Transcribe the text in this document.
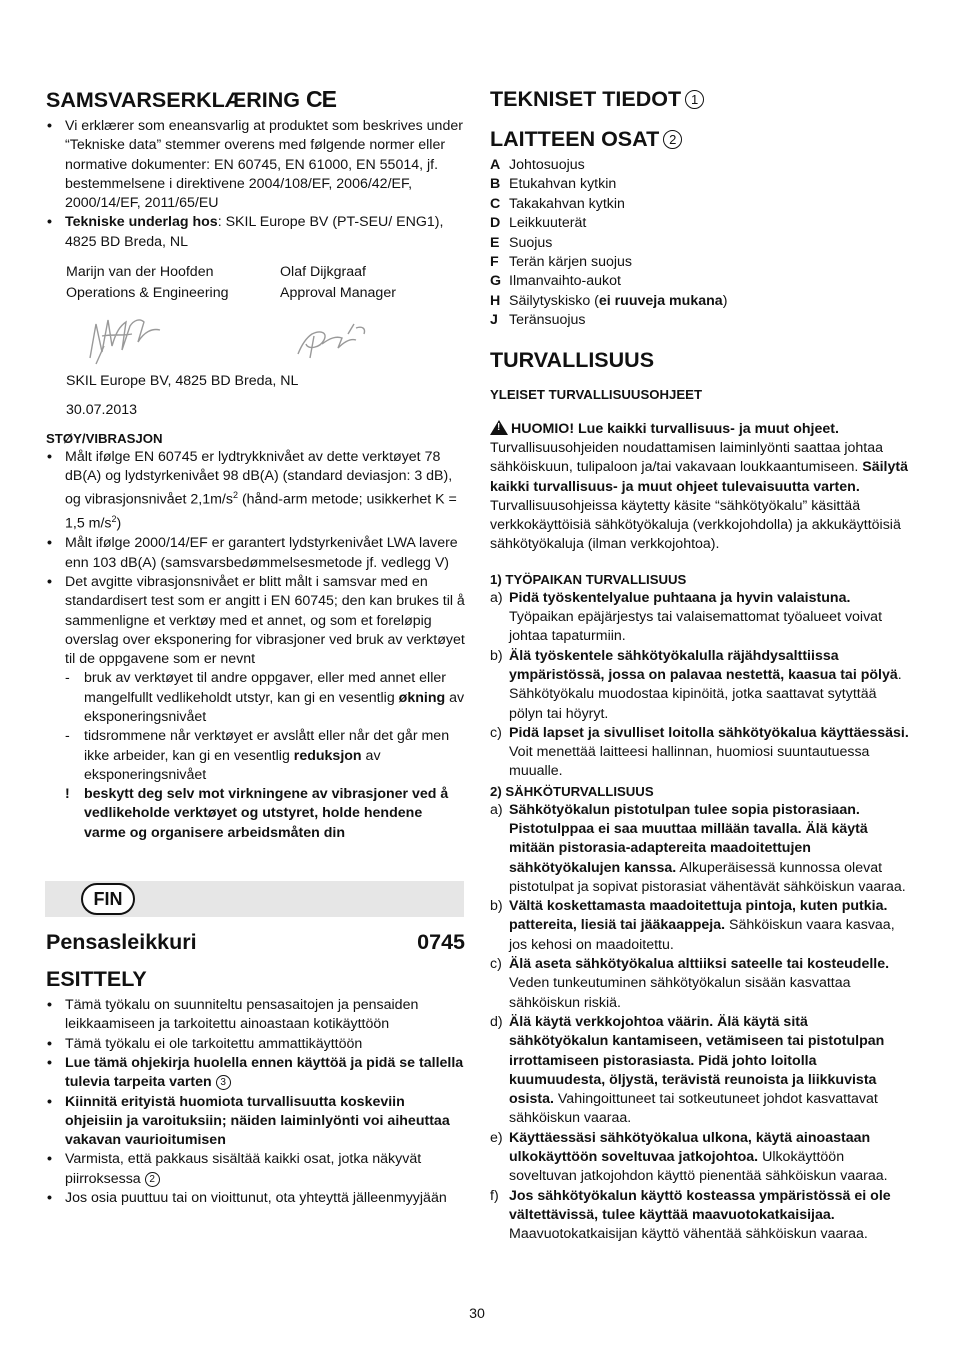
SAMSVARSERKLÆRING CE
• Vi erklærer som eneansvarlig at produktet som beskrives under “Tekniske data” stemmer overens med følgende normer eller normative dokumenter: EN 60745, EN 61000, EN 55014, jf. bestemmelsene i direktivene 2004/108/EF, 2006/42/EF, 2000/14/EF, 2011/65/EU
• Tekniske underlag hos: SKIL Europe BV (PT-SEU/ ENG1), 4825 BD Breda, NL
Marijn van der Hoofden
Operations & Engineering
Olaf Dijkgraaf
Approval Manager

SKIL Europe BV, 4825 BD Breda, NL

30.07.2013

STØY/VIBRASJON

• Målt ifølge EN 60745 er lydtrykknivået av dette verktøyet 78 dB(A) og lydstyrkenivået 98 dB(A) (standard deviasjon: 3 dB), og vibrasjonsnivået $2,1m/s^2$ (hånd-arm metode; usikkerhet K = 1,5 $m/s^2$)
• Målt ifølge 2000/14/EF er garantert lydstyrkenivået LWA lavere enn 103 dB(A) (samsvarsbedømmelsesmetode jf. vedlegg V)
• Det avgitte vibrasjonsnivået er blitt målt i samsvar med en standardisert test som er angitt i EN 60745; den kan brukes til å sammenligne et verktøy med et annet, og som et foreløpig overslag over eksponering for vibrasjoner ved bruk av verktøyet til de oppgavene som er nevnt
- bruk av verktøyet til andre oppgaver, eller med annet eller mangelfullt vedlikeholdt utstyr, kan gi en vesentlig økning av eksponeringsnivået
- tidsrommene når verktøyet er avslått eller når det går men ikke arbeider, kan gi en vesentlig reduksjon av eksponeringsnivået
! beskytt deg selv mot virkningene av vibrasjoner ved å vedlikeholde verktøyet og utstyret, holde hendene varme og organisere arbeidsmåten din
FIN
Pensasleikkuri	0745
ESITTELY
• Tämä työkalu on suunniteltu pensasaitojen ja pensaiden leikkaamiseen ja tarkoitettu ainoastaan kotikäyttöön
• Tämä työkalu ei ole tarkoitettu ammattikäyttöön
• Lue tämä ohjekirja huolella ennen käyttöä ja pidä se tallella tulevia tarpeita varten 3
• Kiinnitä erityistä huomiota turvallisuutta koskeviin ohjeisiin ja varoituksiin; näiden laiminlyönti voi aiheuttaa vakavan vaurioitumisen
• Varmista, että pakkaus sisältää kaikki osat, jotka näkyvät piirroksessa 2
• Jos osia puuttuu tai on vioittunut, ota yhteyttä jälleenmyyjään
TEKNISET TIEDOT 1
LAITTEEN OSAT 2
A Johtosuojus
B Etukahvan kytkin
C Takakahvan kytkin
D Leikkuuterät
E Suojus
F Terän kärjen suojus
G Ilmanvaihto-aukot
H Säilytyskisko (ei ruuveja mukana)
J Teränsuojus
TURVALLISUUS

YLEISET TURVALLISUUSOHJEET

!HUOMIO! Lue kaikki turvallisuus- ja muut ohjeet. Turvallisuusohjeiden noudattamisen laiminlyönti saattaa johtaa sähköiskuun, tulipaloon ja/tai vakavaan loukkaantumiseen. Säilytä kaikki turvallisuus- ja muut ohjeet tulevaisuutta varten. Turvallisuusohjeissa käytetty käsite “sähkötyökalu” käsittää verkkokäyttöisiä sähkötyökaluja (verkkojohdolla) ja akkukäyttöisiä sähkötyökaluja (ilman verkkojohtoa).

1) TYÖPAIKAN TURVALLISUUS

a) Pidä työskentelyalue puhtaana ja hyvin valaistuna. Työpaikan epäjärjestys tai valaisemattomat työalueet voivat johtaa tapaturmiin.
b) Älä työskentele sähkötyökalulla räjähdysalttiissa ympäristössä, jossa on palavaa nestettä, kaasua tai pölyä. Sähkötyökalu muodostaa kipinöitä, jotka saattavat sytyttää pölyn tai höyryt.
c) Pidä lapset ja sivulliset loitolla sähkötyökalua käyttäessäsi. Voit menettää laitteesi hallinnan, huomiosi suuntautuessa muualle.

2) SÄHKÖTURVALLISUUS

a) Sähkötyökalun pistotulpan tulee sopia pistorasiaan. Pistotulppaa ei saa muuttaa millään tavalla. Älä käytä mitään pistorasia-adaptereita maadoitettujen sähkötyökalujen kanssa. Alkuperäisessä kunnossa olevat pistotulpat ja sopivat pistorasiat vähentävät sähköiskun vaaraa.
b) Vältä koskettamasta maadoitettuja pintoja, kuten putkia. pattereita, liesiä tai jääkaappeja. Sähköiskun vaara kasvaa, jos kehosi on maadoitettu.
c) Älä aseta sähkötyökalua alttiiksi sateelle tai kosteudelle. Veden tunkeutuminen sähkötyökalun sisään kasvattaa sähköiskun riskiä.
d) Älä käytä verkkojohtoa väärin. Älä käytä sitä sähkötyökalun kantamiseen, vetämiseen tai pistotulpan irrottamiseen pistorasiasta. Pidä johto loitolla kuumuudesta, öljystä, terävistä reunoista ja liikkuvista osista. Vahingoittuneet tai sotkeutuneet johdot kasvattavat sähköiskun vaaraa.
e) Käyttäessäsi sähkötyökalua ulkona, käytä ainoastaan ulkokäyttöön soveltuvaa jatkojohtoa. Ulkokäyttöön soveltuvan jatkojohdon käyttö pienentää sähköiskun vaaraa.
f) Jos sähkötyökalun käyttö kosteassa ympäristössä ei ole vältettävissä, tulee käyttää maavuotokatkaisijaa. Maavuotokatkaisijan käyttö vähentää sähköiskun vaaraa.
30
